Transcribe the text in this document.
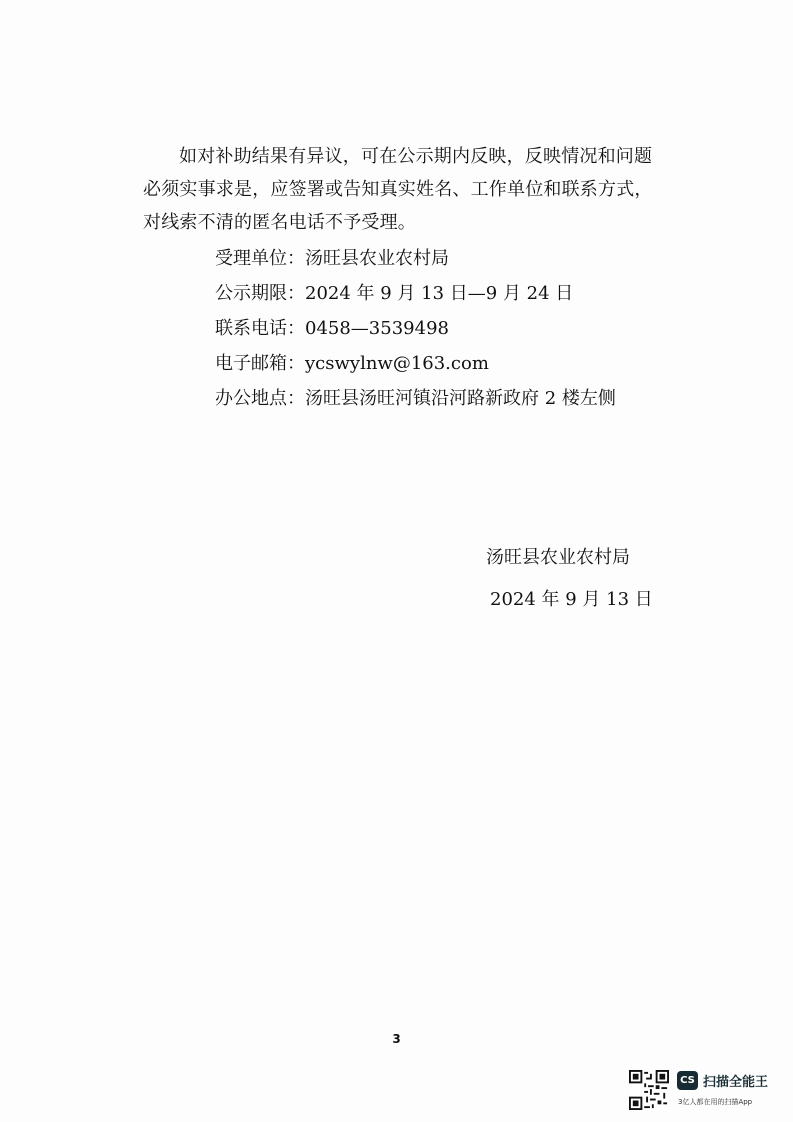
如对补助结果有异议，可在公示期内反映，反映情况和问题
必须实事求是，应签署或告知真实姓名、工作单位和联系方式，
对线索不清的匿名电话不予受理。
受理单位：汤旺县农业农村局
公示期限：2024 年 9 月 13 日—9 月 24 日
联系电话：0458—3539498
电子邮箱：ycswylnw@163.com
办公地点：汤旺县汤旺河镇沿河路新政府 2 楼左侧
汤旺县农业农村局
2024 年 9 月 13 日
3
CS 扫描全能王
3亿人都在用的扫描App
